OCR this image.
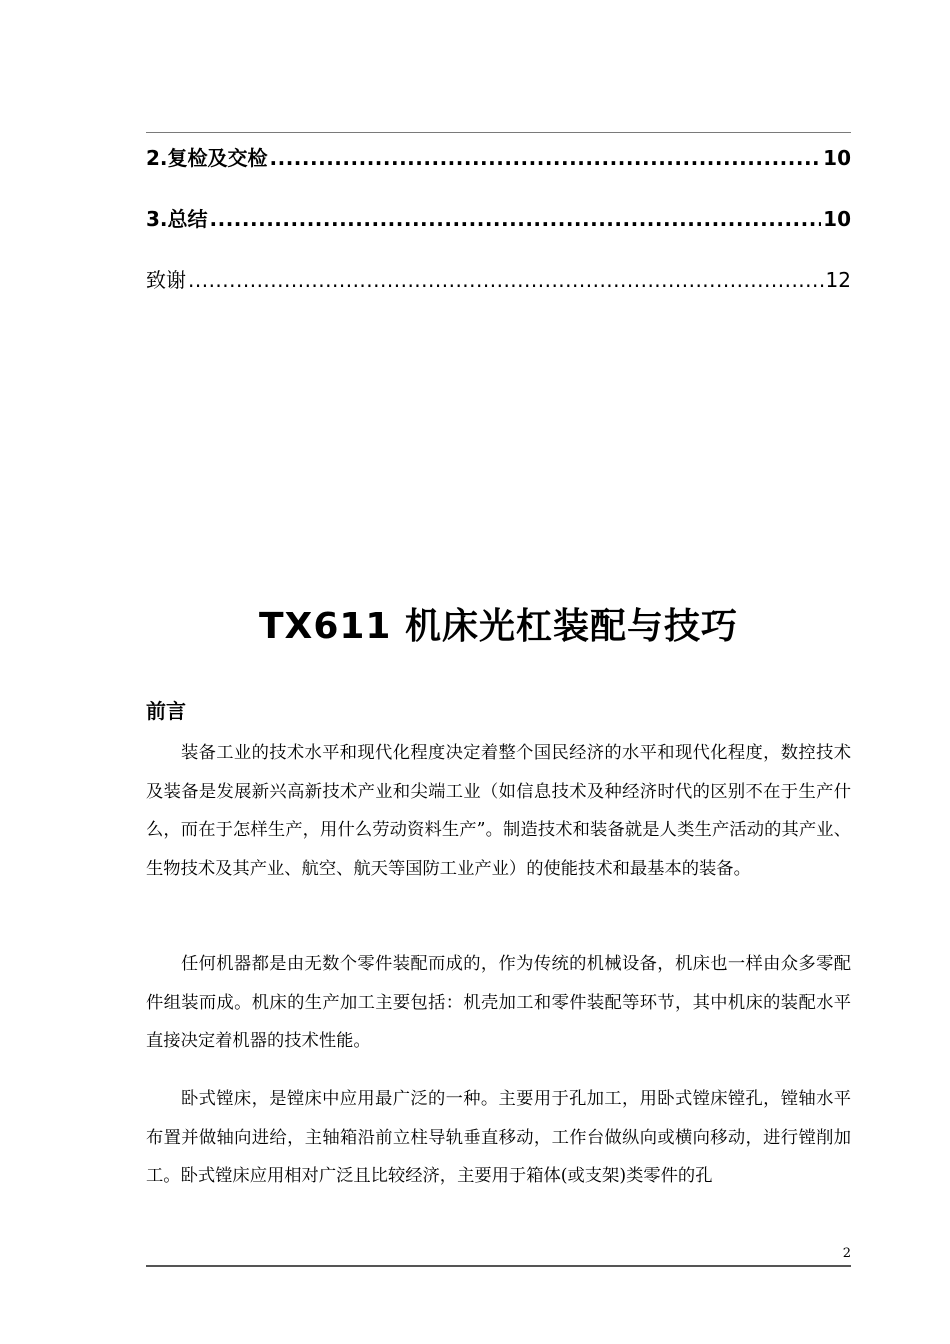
2.复检及交检 .....	10
3.总结 .....	10
致谢 .....	12
TX611 机床光杠装配与技巧
前言

装备工业的技术水平和现代化程度决定着整个国民经济的水平和现代化程度，数控技术及装备是发展新兴高新技术产业和尖端工业（如信息技术及种经济时代的区别不在于生产什么，而在于怎样生产，用什么劳动资料生产”。制造技术和装备就是人类生产活动的其产业、生物技术及其产业、航空、航天等国防工业产业）的使能技术和最基本的装备。

任何机器都是由无数个零件装配而成的，作为传统的机械设备，机床也一样由众多零配件组装而成。机床的生产加工主要包括：机壳加工和零件装配等环节，其中机床的装配水平直接决定着机器的技术性能。

卧式镗床，是镗床中应用最广泛的一种。主要用于孔加工，用卧式镗床镗孔，镗轴水平布置并做轴向进给，主轴箱沿前立柱导轨垂直移动，工作台做纵向或横向移动，进行镗削加工。卧式镗床应用相对广泛且比较经济，主要用于箱体(或支架)类零件的孔

2
